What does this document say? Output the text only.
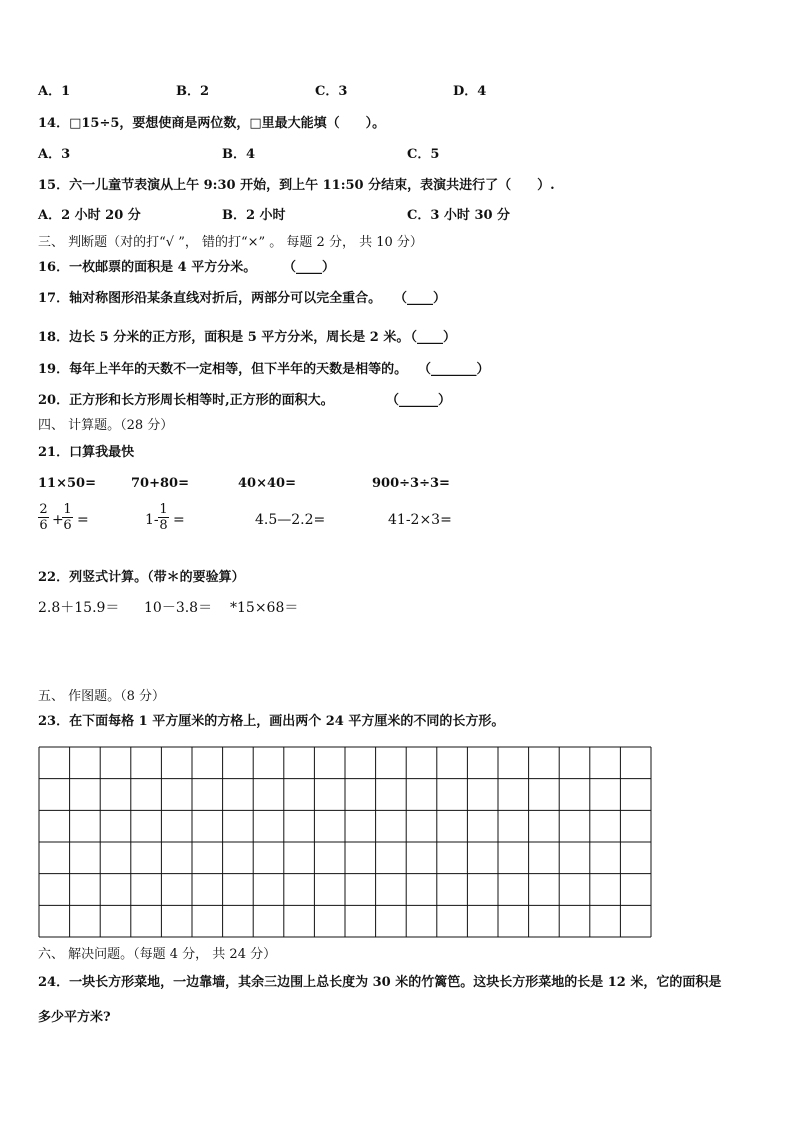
A．1	B．2	C．3	D．4
14．□15÷5，要想使商是两位数，□里最大能填（　　）。
A．3	B．4	C．5
15．六一儿童节表演从上午 9:30 开始，到上午 11:50 分结束，表演共进行了（　　）.
A．2 小时 20 分	B．2 小时	C．3 小时 30 分
三、 判断题（对的打“√ ”， 错的打“×” 。 每题 2 分， 共 10 分）
16．一枚邮票的面积是 4 平方分米。 （____）
17．轴对称图形沿某条直线对折后，两部分可以完全重合。 （____）
18．边长 5 分米的正方形，面积是 5 平方分米，周长是 2 米。
（____）
19．每年上半年的天数不一定相等，但下半年的天数是相等的。 （_______）
20．正方形和长方形周长相等时,正方形的面积大。	（______）
四、 计算题。（28 分）
21．口算我最快
11×50=	70+80=	40×40=	900÷3÷3=
2
6 +
1
6 =	1-
1
8 =	4.5—2.2=	41-2×3=
22．列竖式计算。（带＊的要验算）
2.8＋15.9＝ 10－3.8＝ *15×68＝
五、 作图题。（8 分）
23．在下面每格 1 平方厘米的方格上，画出两个 24 平方厘米的不同的长方形。
六、 解决问题。（每题 4 分， 共 24 分）
24．一块长方形菜地，一边靠墙，其余三边围上总长度为 30 米的竹篱笆。这块长方形菜地的长是 12 米，它的面积是
多少平方米?
